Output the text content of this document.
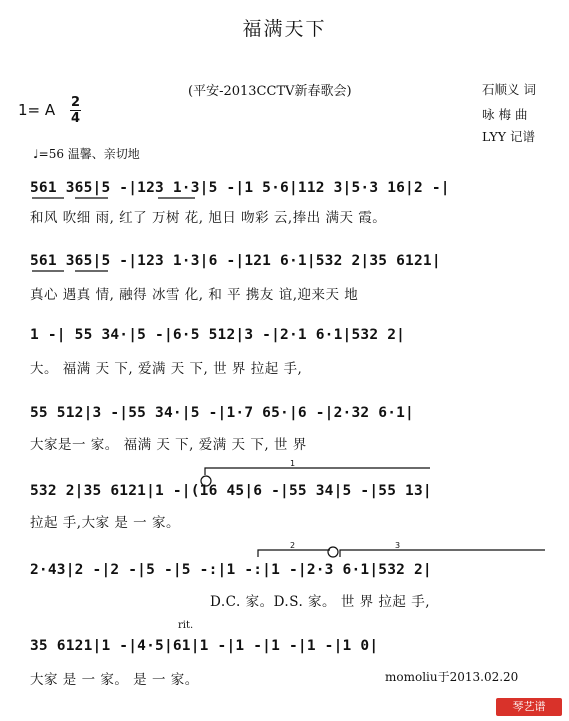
福满天下
(平安-2013CCTV新春歌会)	石顺义 词
咏 梅 曲
LYY 记谱
1= A 2
4
♩=56 温馨、亲切地
561 365|5 -|123 1·3|5 -|1 5·6|112 3|5·3 16|2 -|
和风 吹细 雨, 红了 万树 花, 旭日 吻彩 云,捧出 满天 霞。
561 365|5 -|123 1·3|6 -|121 6·1|532 2|35 6121|
真心 遇真 情, 融得 冰雪 化, 和 平 携友 谊,迎来天 地
1 -| 55 34·|5 -|6·5 512|3 -|2·1 6·1|532 2|
大。 福满 天 下, 爱满 天 下, 世 界 拉起 手,
55 512|3 -|55 34·|5 -|1·7 65·|6 -|2·32 6·1|
大家是一 家。 福满 天 下, 爱满 天 下, 世 界
532 2|35 6121|1 -|(16 45|6 -|55 34|5 -|55 13|
拉起 手,大家 是 一 家。
2·43|2 -|2 -|5 -|5 -:|1 -:|1 -|2·3 6·1|532 2|
D.C. 家。D.S. 家。 世 界 拉起 手,
rit.
35 6121|1 -|4·5|61|1 -|1 -|1 -|1 -|1 0|
大家 是 一 家。 是 一 家。	momoliu于2013.02.20
琴艺谱
1
2	3
